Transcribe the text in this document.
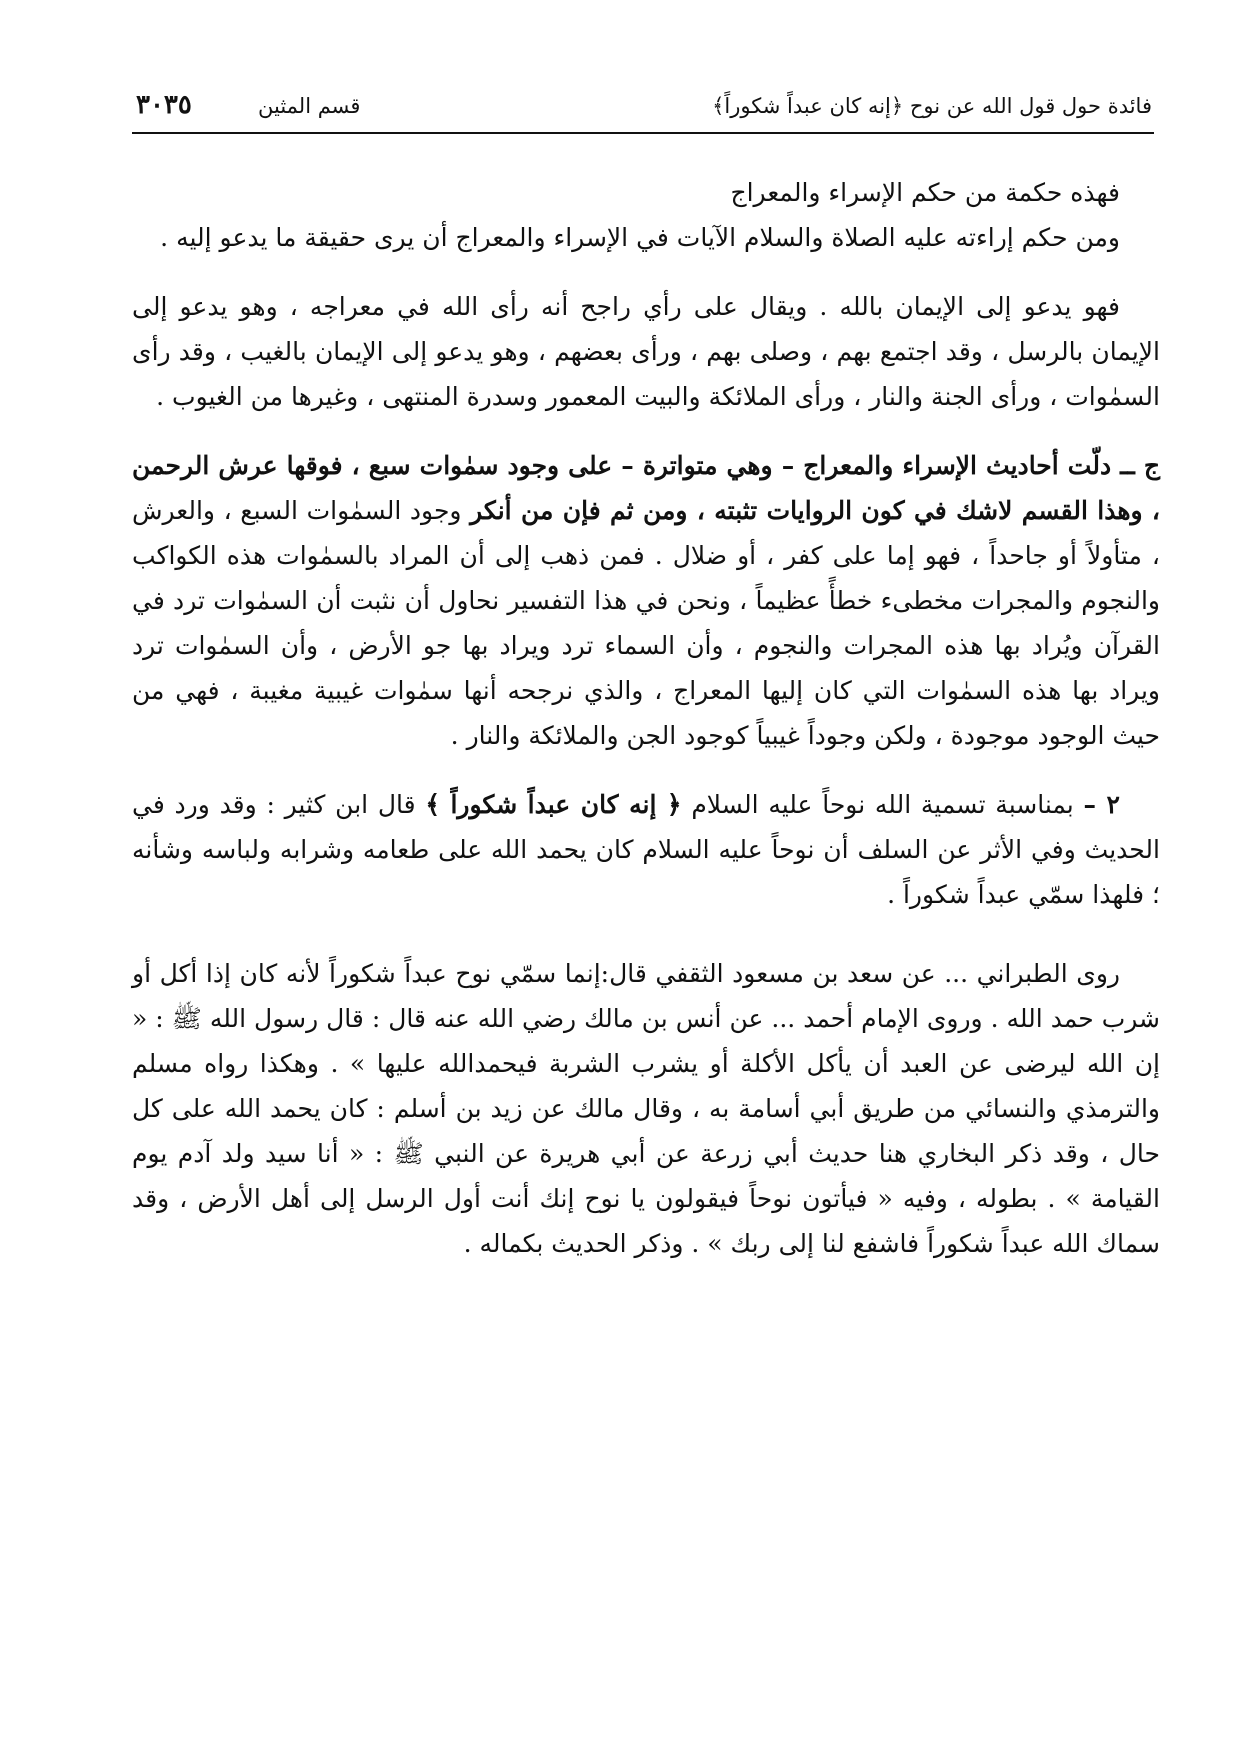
فائدة حول قول الله عن نوح ﴿إنه كان عبداً شكوراً﴾
قسم المثين
٣٠٣٥

فهذه حكمة من حكم الإسراء والمعراج

ومن حكم إراءته عليه الصلاة والسلام الآيات في الإسراء والمعراج أن يرى حقيقة ما يدعو إليه .

فهو يدعو إلى الإيمان بالله . ويقال على رأي راجح أنه رأى الله في معراجه ، وهو يدعو إلى الإيمان بالرسل ، وقد اجتمع بهم ، وصلى بهم ، ورأى بعضهم ، وهو يدعو إلى الإيمان بالغيب ، وقد رأى السمٰوات ، ورأى الجنة والنار ، ورأى الملائكة والبيت المعمور وسدرة المنتهى ، وغيرها من الغيوب .

ج ــ دلّت أحاديث الإسراء والمعراج – وهي متواترة – على وجود سمٰوات سبع ، فوقها عرش الرحمن ، وهذا القسم لاشك في كون الروايات تثبته ، ومن ثم فإن من أنكر وجود السمٰوات السبع ، والعرش ، متأولاً أو جاحداً ، فهو إما على كفر ، أو ضلال . فمن ذهب إلى أن المراد بالسمٰوات هذه الكواكب والنجوم والمجرات مخطىء خطأً عظيماً ، ونحن في هذا التفسير نحاول أن نثبت أن السمٰوات ترد في القرآن ويُراد بها هذه المجرات والنجوم ، وأن السماء ترد ويراد بها جو الأرض ، وأن السمٰوات ترد ويراد بها هذه السمٰوات التي كان إليها المعراج ، والذي نرجحه أنها سمٰوات غيبية مغيبة ، فهي من حيث الوجود موجودة ، ولكن وجوداً غيبياً كوجود الجن والملائكة والنار .

٢ – بمناسبة تسمية الله نوحاً عليه السلام ﴿ إنه كان عبداً شكوراً ﴾ قال ابن كثير : وقد ورد في الحديث وفي الأثر عن السلف أن نوحاً عليه السلام كان يحمد الله على طعامه وشرابه ولباسه وشأنه ؛ فلهذا سمّي عبداً شكوراً .

روى الطبراني ... عن سعد بن مسعود الثقفي قال:إنما سمّي نوح عبداً شكوراً لأنه كان إذا أكل أو شرب حمد الله . وروى الإمام أحمد ... عن أنس بن مالك رضي الله عنه قال : قال رسول الله ﷺ : « إن الله ليرضى عن العبد أن يأكل الأكلة أو يشرب الشربة فيحمدالله عليها » . وهكذا رواه مسلم والترمذي والنسائي من طريق أبي أسامة به ، وقال مالك عن زيد بن أسلم : كان يحمد الله على كل حال ، وقد ذكر البخاري هنا حديث أبي زرعة عن أبي هريرة عن النبي ﷺ : « أنا سيد ولد آدم يوم القيامة » . بطوله ، وفيه « فيأتون نوحاً فيقولون يا نوح إنك أنت أول الرسل إلى أهل الأرض ، وقد سماك الله عبداً شكوراً فاشفع لنا إلى ربك » . وذكر الحديث بكماله .
